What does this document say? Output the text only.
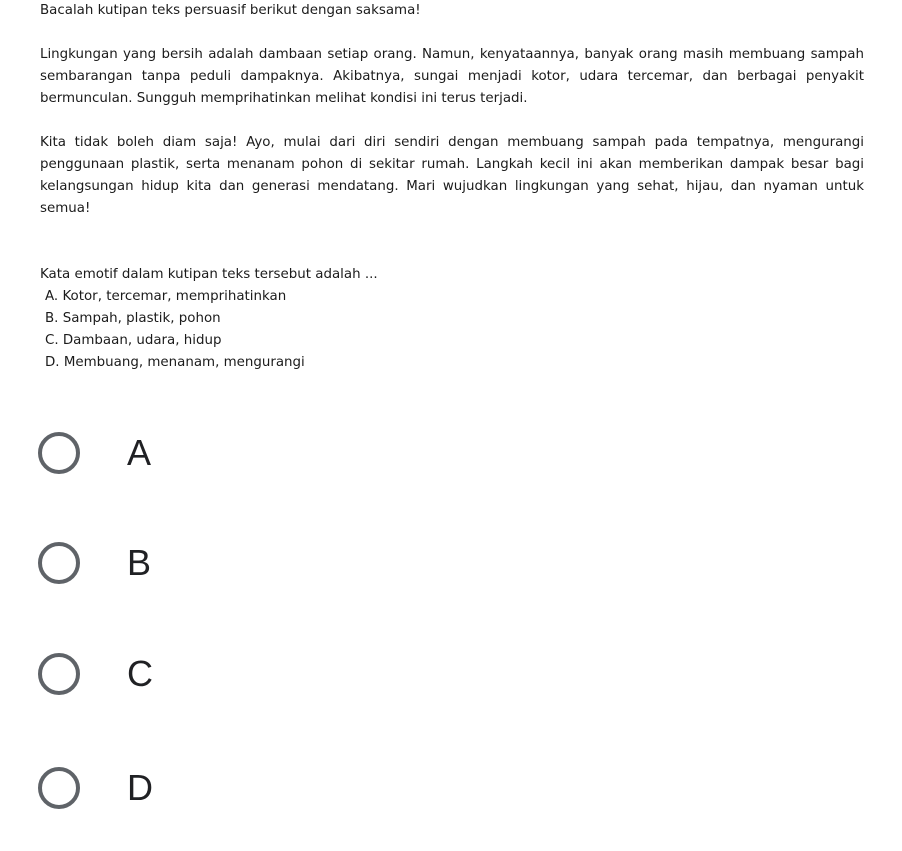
Bacalah kutipan teks persuasif berikut dengan saksama!

Lingkungan yang bersih adalah dambaan setiap orang. Namun, kenyataannya, banyak orang masih membuang sampah sembarangan tanpa peduli dampaknya. Akibatnya, sungai menjadi kotor, udara tercemar, dan berbagai penyakit bermunculan. Sungguh memprihatinkan melihat kondisi ini terus terjadi.

Kita tidak boleh diam saja! Ayo, mulai dari diri sendiri dengan membuang sampah pada tempatnya, mengurangi penggunaan plastik, serta menanam pohon di sekitar rumah. Langkah kecil ini akan memberikan dampak besar bagi kelangsungan hidup kita dan generasi mendatang. Mari wujudkan lingkungan yang sehat, hijau, dan nyaman untuk semua!

Kata emotif dalam kutipan teks tersebut adalah ...

A. Kotor, tercemar, memprihatinkan
B. Sampah, plastik, pohon
C. Dambaan, udara, hidup
D. Membuang, menanam, mengurangi
A
B
C
D
